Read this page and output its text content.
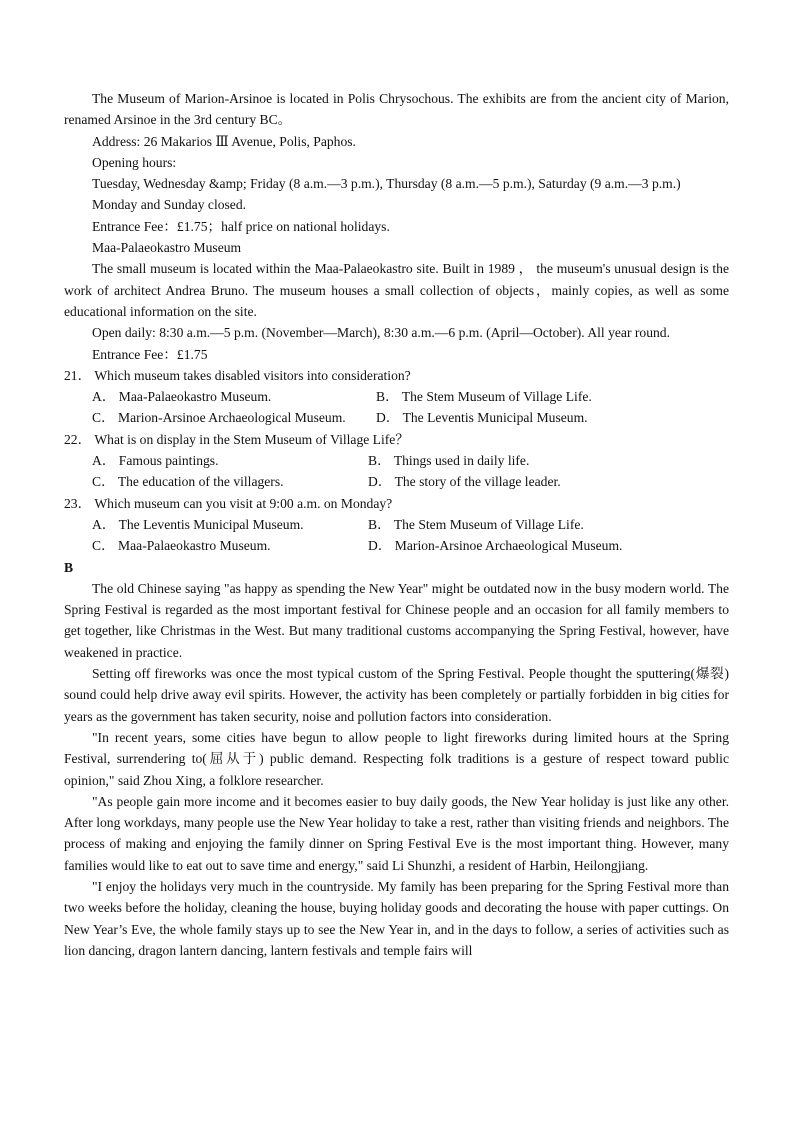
The Museum of Marion-Arsinoe is located in Polis Chrysochous. The exhibits are from the ancient city of Marion, renamed Arsinoe in the 3rd century BC。

Address: 26 Makarios Ⅲ Avenue, Polis, Paphos.

Opening hours:

Tuesday, Wednesday &amp; Friday (8 a.m.—3 p.m.), Thursday (8 a.m.—5 p.m.), Saturday (9 a.m.—3 p.m.)

Monday and Sunday closed.

Entrance Fee：£1.75；half price on national holidays.

Maa-Palaeokastro Museum

The small museum is located within the Maa-Palaeokastro site. Built in 1989 ， the museum's unusual design is the work of architect Andrea Bruno. The museum houses a small collection of objects，mainly copies, as well as some educational information on the site.

Open daily: 8:30 a.m.—5 p.m. (November—March), 8:30 a.m.—6 p.m. (April—October). All year round.

Entrance Fee：£1.75

21． Which museum takes disabled visitors into consideration?

A． Maa-Palaeokastro Museum.	B． The Stem Museum of Village Life.
C． Marion-Arsinoe Archaeological Museum.	D． The Leventis Municipal Museum.

22． What is on display in the Stem Museum of Village Life？

A． Famous paintings.	B． Things used in daily life.
C． The education of the villagers.	D． The story of the village leader.

23． Which museum can you visit at 9:00 a.m. on Monday?

A． The Leventis Municipal Museum.	B． The Stem Museum of Village Life.
C． Maa-Palaeokastro Museum.	D． Marion-Arsinoe Archaeological Museum.

B

The old Chinese saying "as happy as spending the New Year" might be outdated now in the busy modern world. The Spring Festival is regarded as the most important festival for Chinese people and an occasion for all family members to get together, like Christmas in the West. But many traditional customs accompanying the Spring Festival, however, have weakened in practice.

Setting off fireworks was once the most typical custom of the Spring Festival. People thought the sputtering(爆裂) sound could help drive away evil spirits. However, the activity has been completely or partially forbidden in big cities for years as the government has taken security, noise and pollution factors into consideration.

"In recent years, some cities have begun to allow people to light fireworks during limited hours at the Spring Festival, surrendering to(屈从于) public demand. Respecting folk traditions is a gesture of respect toward public opinion," said Zhou Xing, a folklore researcher.

"As people gain more income and it becomes easier to buy daily goods, the New Year holiday is just like any other. After long workdays, many people use the New Year holiday to take a rest, rather than visiting friends and neighbors. The process of making and enjoying the family dinner on Spring Festival Eve is the most important thing. However, many families would like to eat out to save time and energy," said Li Shunzhi, a resident of Harbin, Heilongjiang.

"I enjoy the holidays very much in the countryside. My family has been preparing for the Spring Festival more than two weeks before the holiday, cleaning the house, buying holiday goods and decorating the house with paper cuttings. On New Year’s Eve, the whole family stays up to see the New Year in, and in the days to follow, a series of activities such as lion dancing, dragon lantern dancing, lantern festivals and temple fairs will
